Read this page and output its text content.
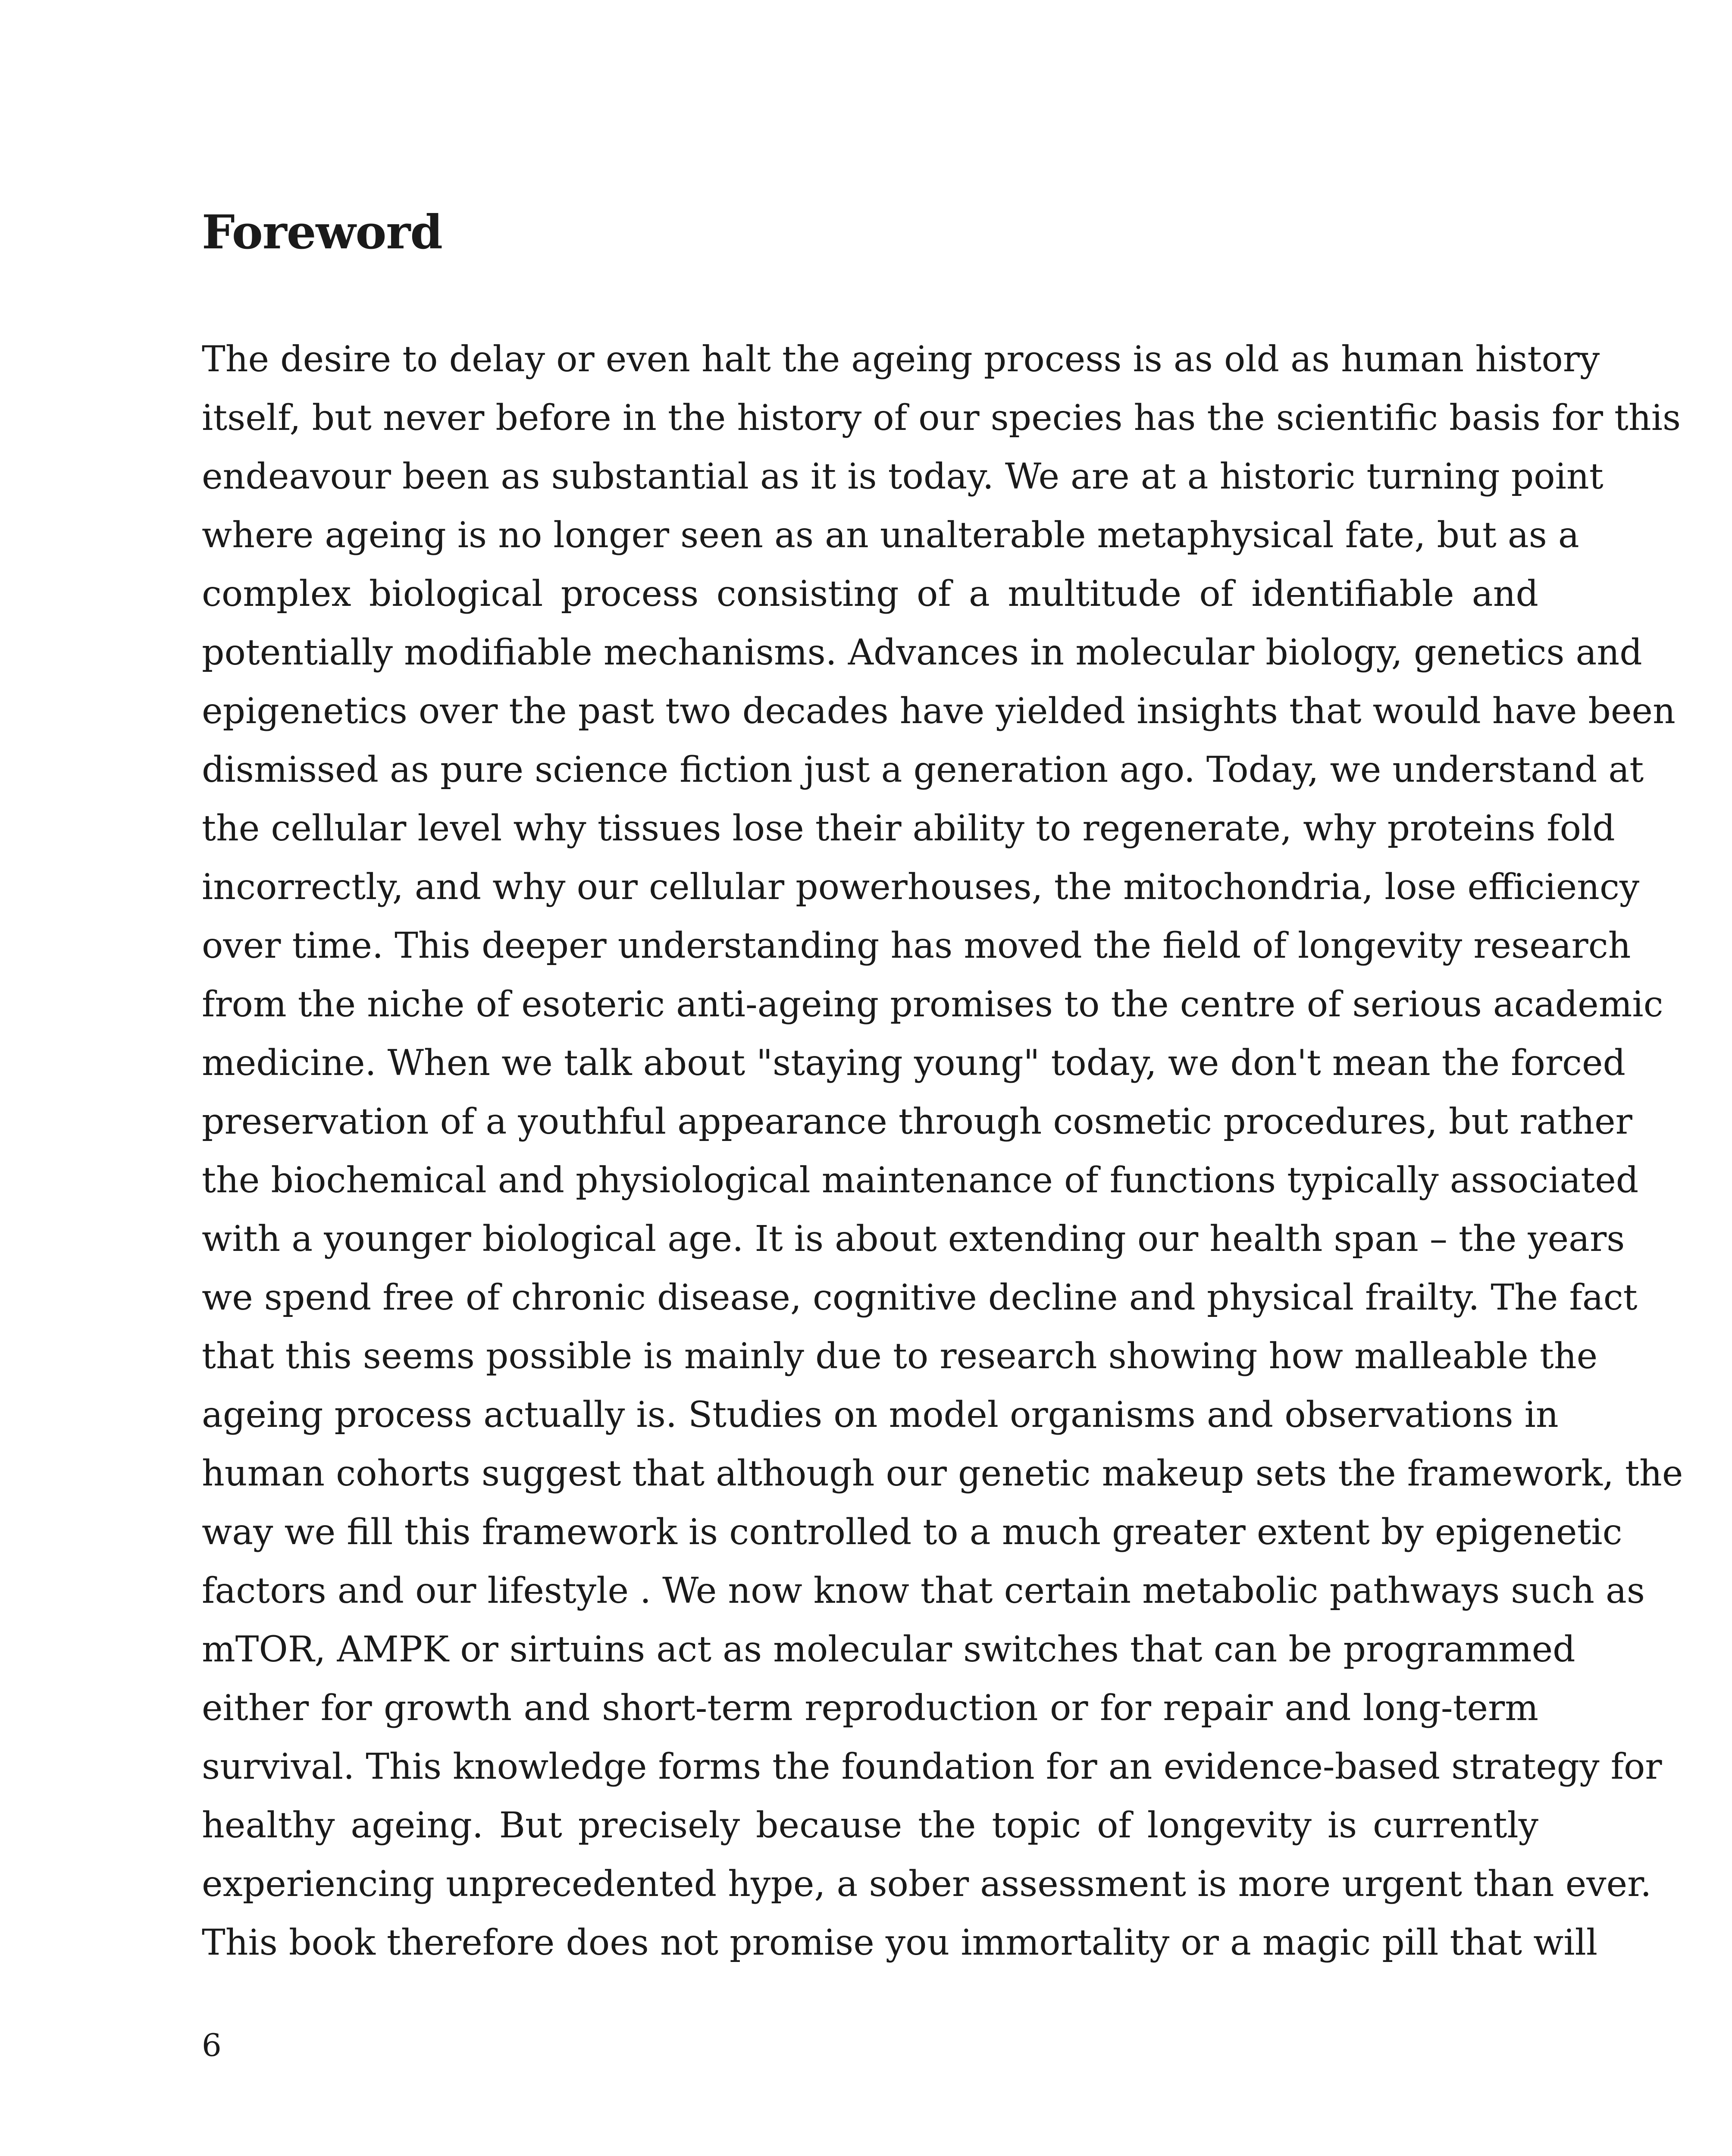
Foreword
The desire to delay or even halt the ageing process is as old as human history
itself, but never before in the history of our species has the scientific basis for this
endeavour been as substantial as it is today. We are at a historic turning point
where ageing is no longer seen as an unalterable metaphysical fate, but as a
complex biological process consisting of a multitude of identifiable and
potentially modifiable mechanisms. Advances in molecular biology, genetics and
epigenetics over the past two decades have yielded insights that would have been
dismissed as pure science fiction just a generation ago. Today, we understand at
the cellular level why tissues lose their ability to regenerate, why proteins fold
incorrectly, and why our cellular powerhouses, the mitochondria, lose efficiency
over time. This deeper understanding has moved the field of longevity research
from the niche of esoteric anti-ageing promises to the centre of serious academic
medicine. When we talk about "staying young" today, we don't mean the forced
preservation of a youthful appearance through cosmetic procedures, but rather
the biochemical and physiological maintenance of functions typically associated
with a younger biological age. It is about extending our health span – the years
we spend free of chronic disease, cognitive decline and physical frailty. The fact
that this seems possible is mainly due to research showing how malleable the
ageing process actually is. Studies on model organisms and observations in
human cohorts suggest that although our genetic makeup sets the framework, the
way we fill this framework is controlled to a much greater extent by epigenetic
factors and our lifestyle . We now know that certain metabolic pathways such as
mTOR, AMPK or sirtuins act as molecular switches that can be programmed
either for growth and short-term reproduction or for repair and long-term
survival. This knowledge forms the foundation for an evidence-based strategy for
healthy ageing. But precisely because the topic of longevity is currently
experiencing unprecedented hype, a sober assessment is more urgent than ever.
This book therefore does not promise you immortality or a magic pill that will
6
